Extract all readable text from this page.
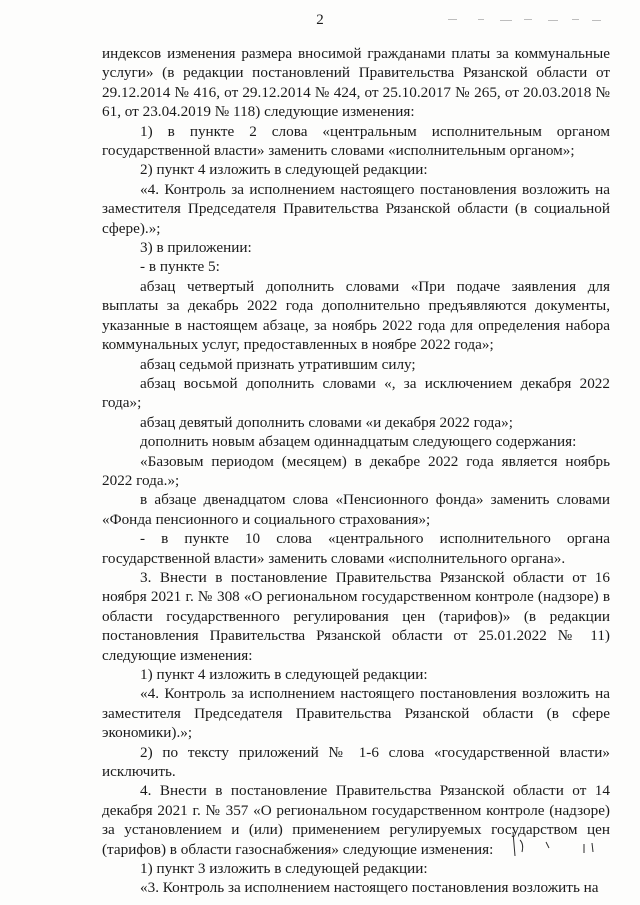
2

индексов изменения размера вносимой гражданами платы за коммунальные услуги» (в редакции постановлений Правительства Рязанской области от 29.12.2014 № 416, от 29.12.2014 № 424, от 25.10.2017 № 265, от 20.03.2018 № 61, от 23.04.2019 № 118) следующие изменения:

1) в пункте 2 слова «центральным исполнительным органом государственной власти» заменить словами «исполнительным органом»;

2) пункт 4 изложить в следующей редакции:

«4. Контроль за исполнением настоящего постановления возложить на заместителя Председателя Правительства Рязанской области (в социальной сфере).»;

3) в приложении:

- в пункте 5:

абзац четвертый дополнить словами «При подаче заявления для выплаты за декабрь 2022 года дополнительно предъявляются документы, указанные в настоящем абзаце, за ноябрь 2022 года для определения набора коммунальных услуг, предоставленных в ноябре 2022 года»;

абзац седьмой признать утратившим силу;

абзац восьмой дополнить словами «, за исключением декабря 2022 года»;

абзац девятый дополнить словами «и декабря 2022 года»;

дополнить новым абзацем одиннадцатым следующего содержания:

«Базовым периодом (месяцем) в декабре 2022 года является ноябрь 2022 года.»;

в абзаце двенадцатом слова «Пенсионного фонда» заменить словами «Фонда пенсионного и социального страхования»;

- в пункте 10 слова «центрального исполнительного органа государственной власти» заменить словами «исполнительного органа».

3. Внести в постановление Правительства Рязанской области от 16 ноября 2021 г. № 308 «О региональном государственном контроле (надзоре) в области государственного регулирования цен (тарифов)» (в редакции постановления Правительства Рязанской области от 25.01.2022 № 11) следующие изменения:

1) пункт 4 изложить в следующей редакции:

«4. Контроль за исполнением настоящего постановления возложить на заместителя Председателя Правительства Рязанской области (в сфере экономики).»;

2) по тексту приложений № 1-6 слова «государственной власти» исключить.

4. Внести в постановление Правительства Рязанской области от 14 декабря 2021 г. № 357 «О региональном государственном контроле (надзоре) за установлением и (или) применением регулируемых государством цен (тарифов) в области газоснабжения» следующие изменения:

1) пункт 3 изложить в следующей редакции:

«3. Контроль за исполнением настоящего постановления возложить на
